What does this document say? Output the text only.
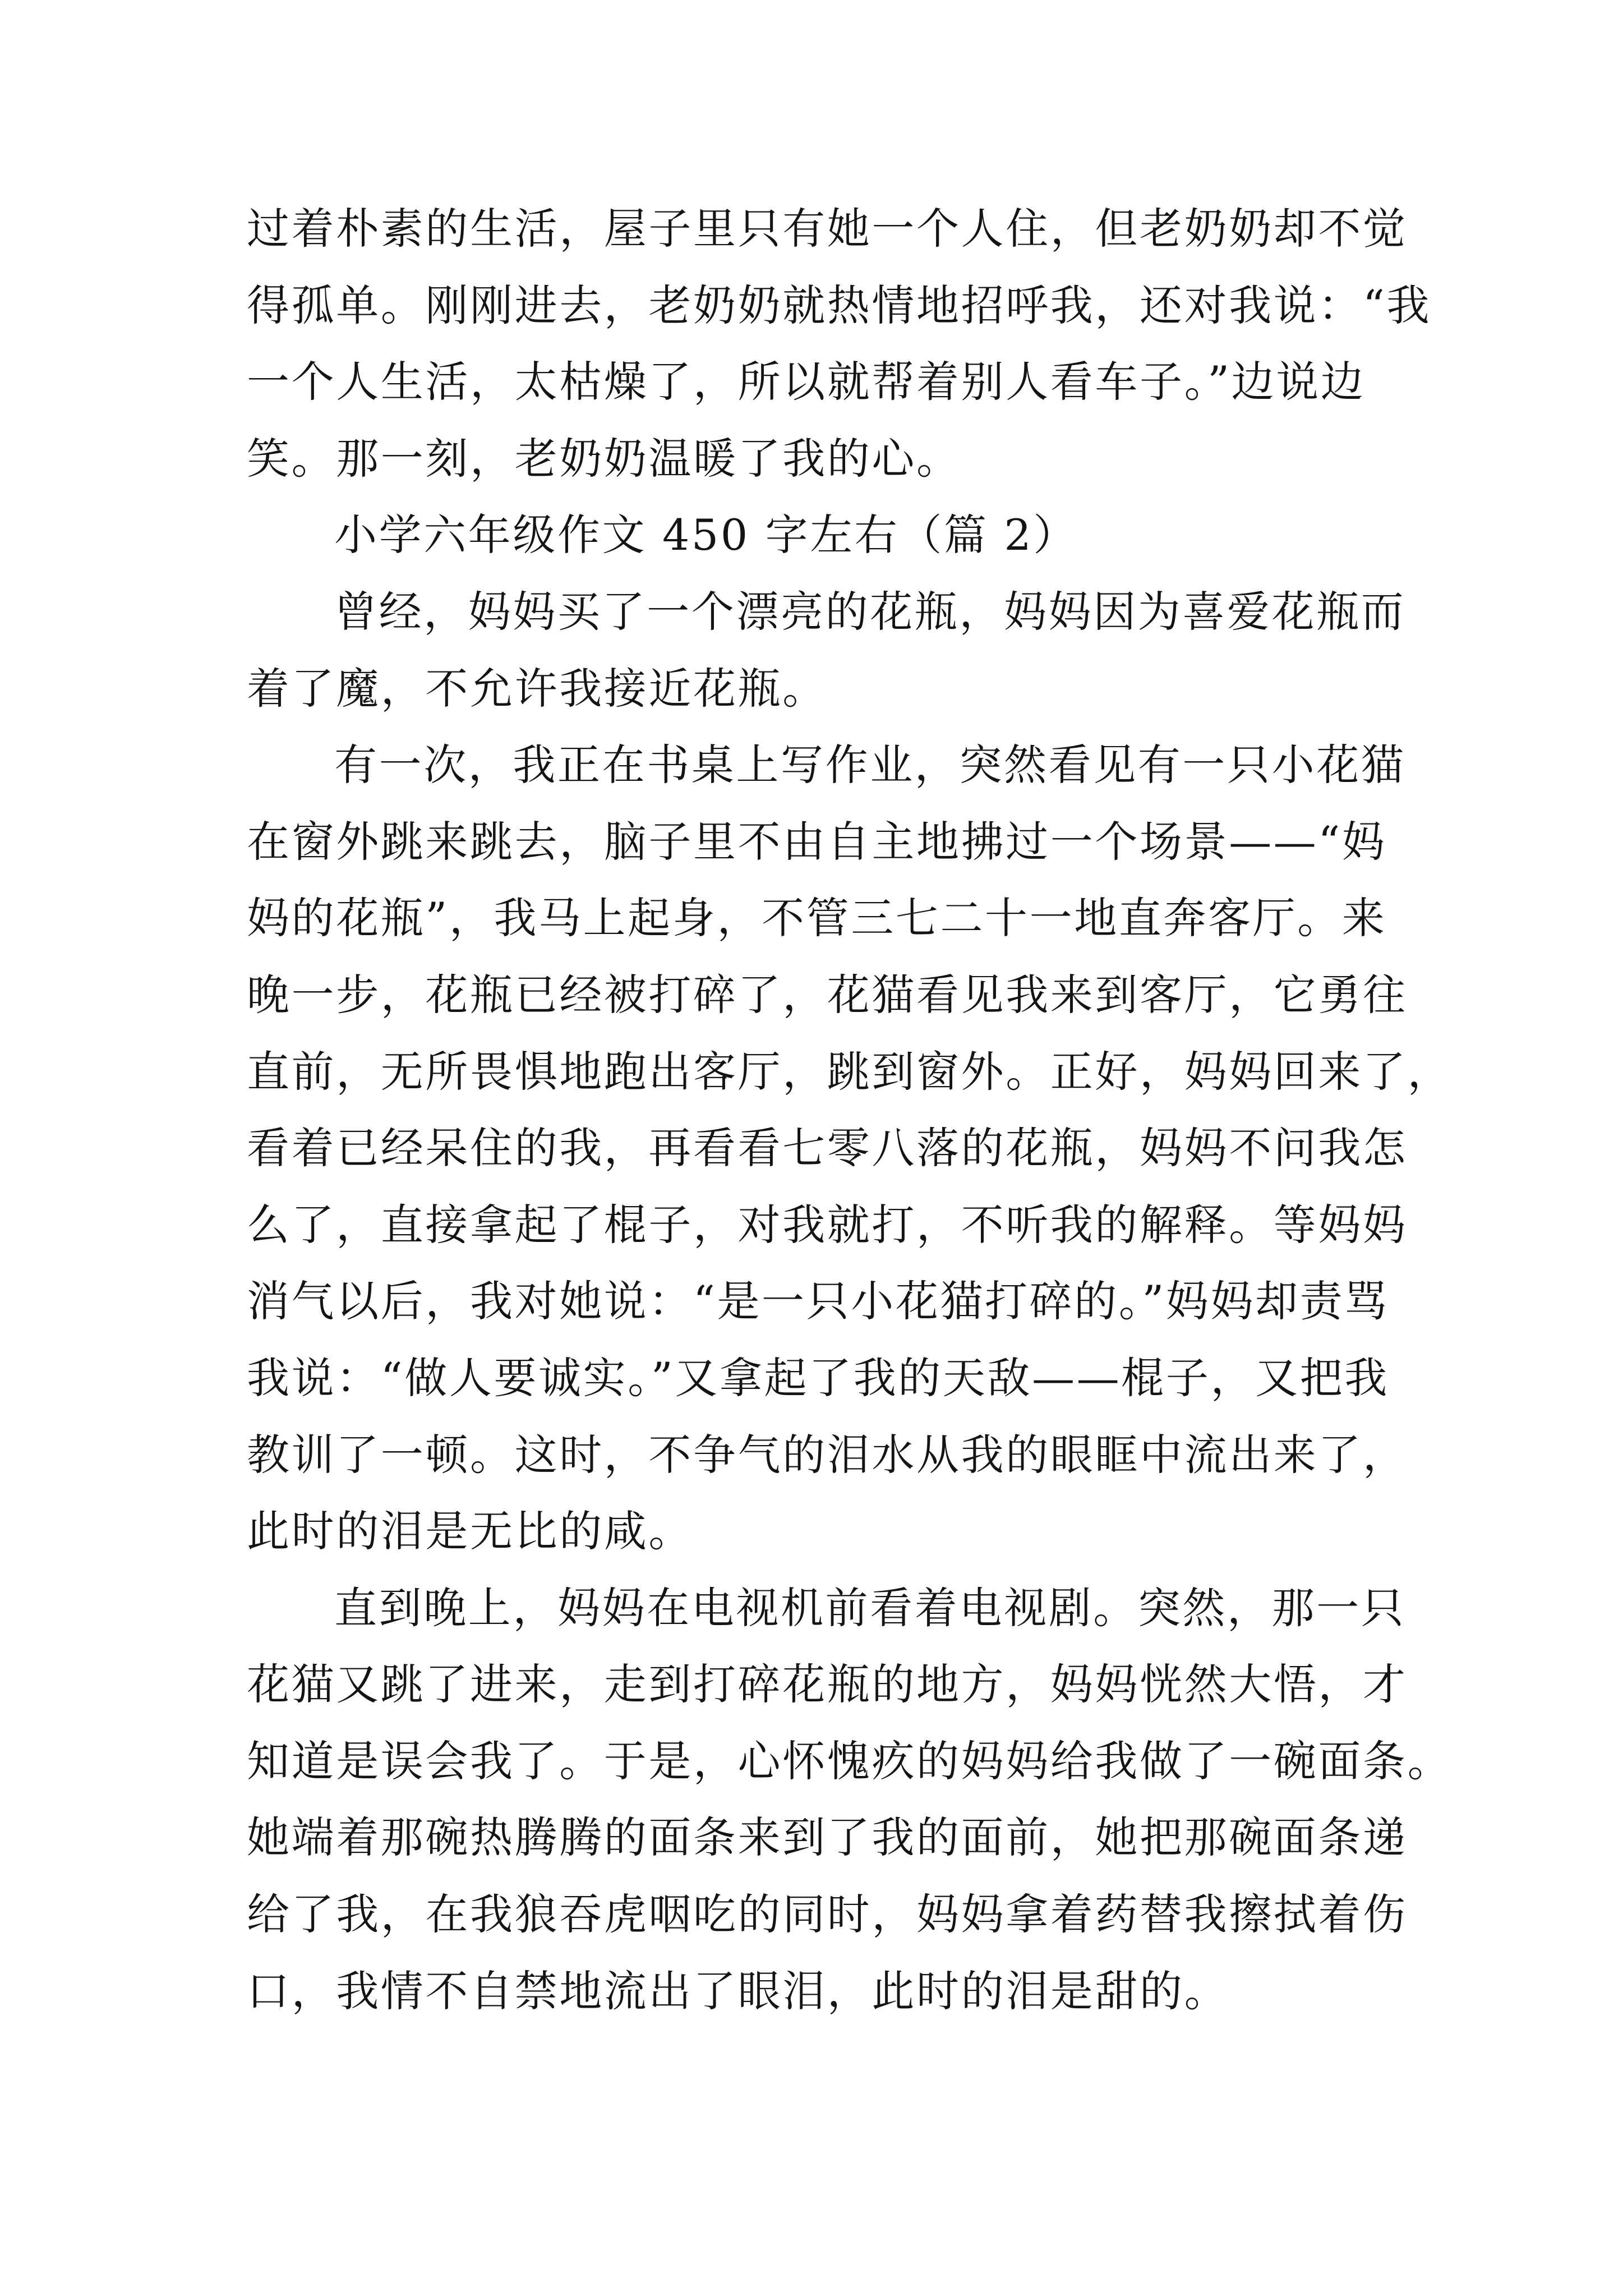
过着朴素的生活，屋子里只有她一个人住，但老奶奶却不觉
得孤单。刚刚进去，老奶奶就热情地招呼我，还对我说：“我
一个人生活，太枯燥了，所以就帮着别人看车子。”边说边
笑。那一刻，老奶奶温暖了我的心。
小学六年级作文 450 字左右（篇 2）
曾经，妈妈买了一个漂亮的花瓶，妈妈因为喜爱花瓶而
着了魔，不允许我接近花瓶。
有一次，我正在书桌上写作业，突然看见有一只小花猫
在窗外跳来跳去，脑子里不由自主地拂过一个场景——“妈
妈的花瓶”，我马上起身，不管三七二十一地直奔客厅。来
晚一步，花瓶已经被打碎了，花猫看见我来到客厅，它勇往
直前，无所畏惧地跑出客厅，跳到窗外。正好，妈妈回来了，
看着已经呆住的我，再看看七零八落的花瓶，妈妈不问我怎
么了，直接拿起了棍子，对我就打，不听我的解释。等妈妈
消气以后，我对她说：“是一只小花猫打碎的。”妈妈却责骂
我说：“做人要诚实。”又拿起了我的天敌——棍子，又把我
教训了一顿。这时，不争气的泪水从我的眼眶中流出来了，
此时的泪是无比的咸。
直到晚上，妈妈在电视机前看着电视剧。突然，那一只
花猫又跳了进来，走到打碎花瓶的地方，妈妈恍然大悟，才
知道是误会我了。于是，心怀愧疚的妈妈给我做了一碗面条。
她端着那碗热腾腾的面条来到了我的面前，她把那碗面条递
给了我，在我狼吞虎咽吃的同时，妈妈拿着药替我擦拭着伤
口，我情不自禁地流出了眼泪，此时的泪是甜的。
